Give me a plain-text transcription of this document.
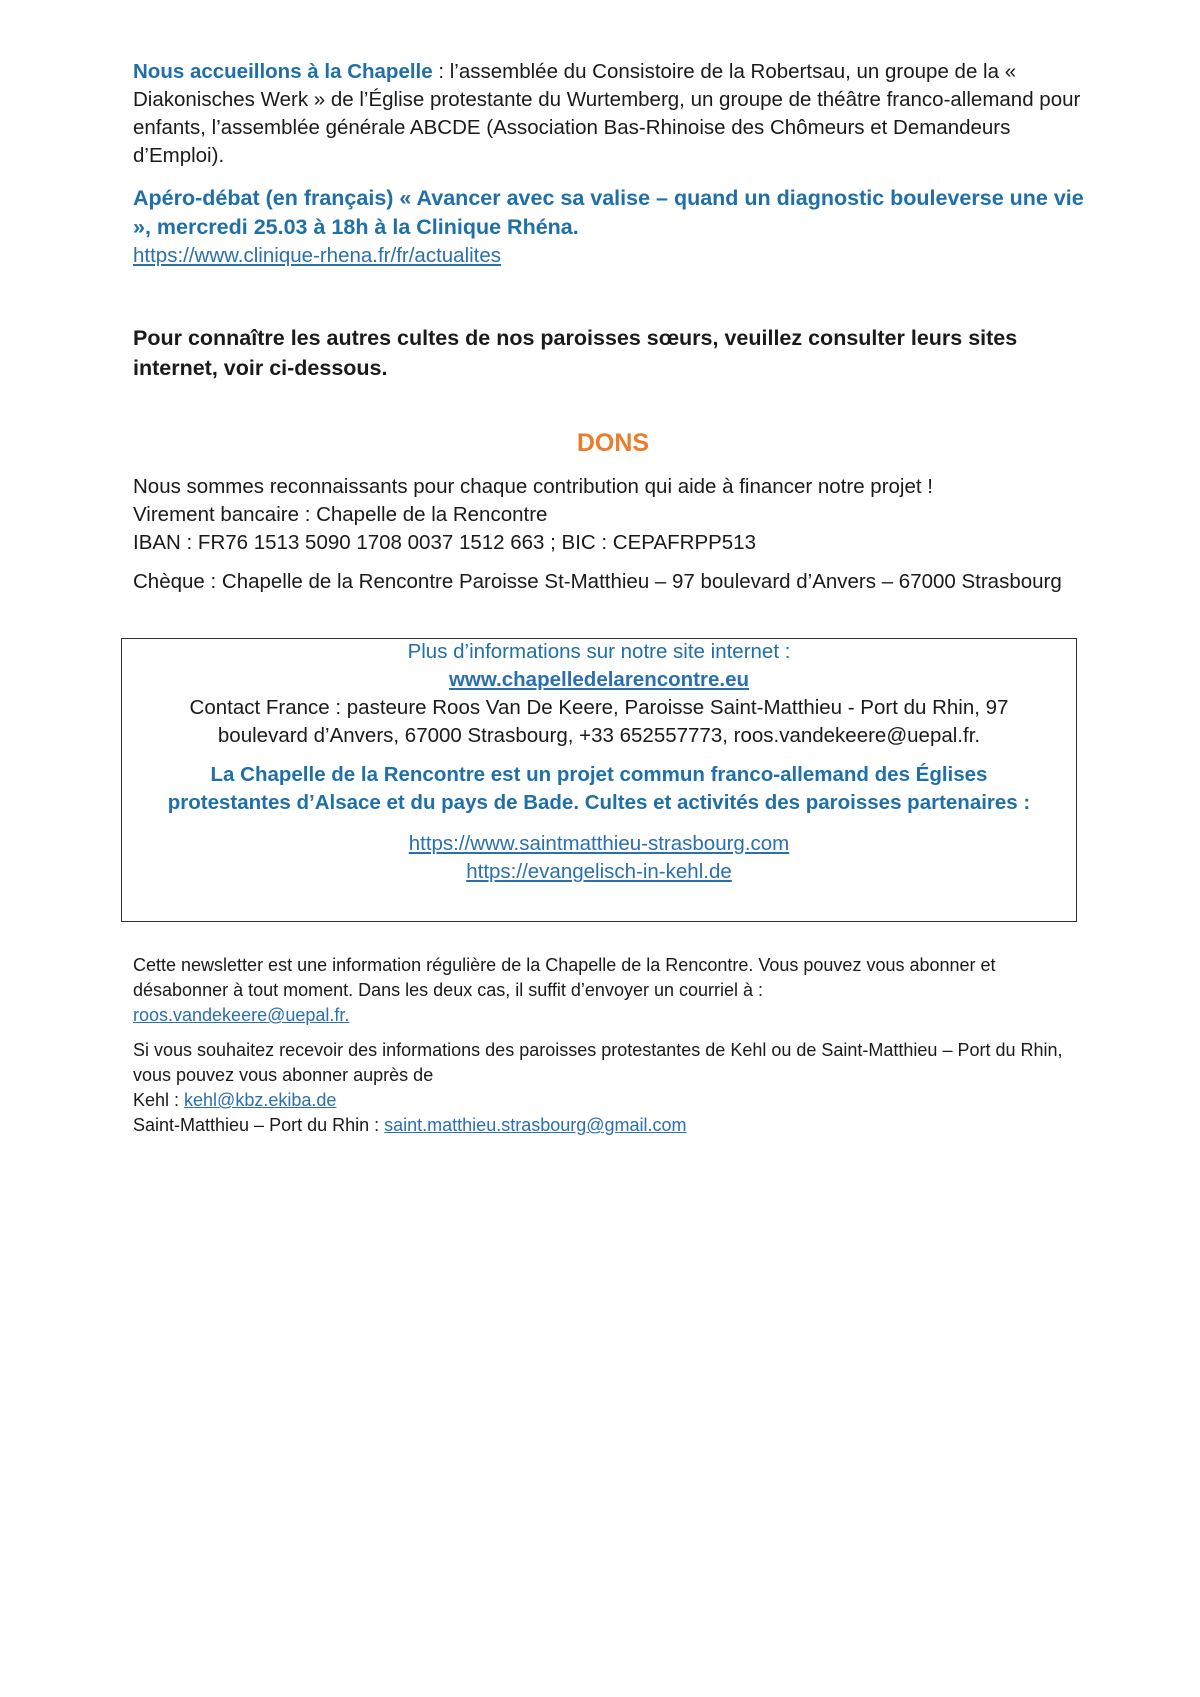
Nous accueillons à la Chapelle : l’assemblée du Consistoire de la Robertsau, un groupe de la « Diakonisches Werk » de l’Église protestante du Wurtemberg, un groupe de théâtre franco-allemand pour enfants, l’assemblée générale ABCDE (Association Bas-Rhinoise des Chômeurs et Demandeurs d’Emploi).

Apéro-débat (en français) « Avancer avec sa valise – quand un diagnostic bouleverse une vie », mercredi 25.03 à 18h à la Clinique Rhéna.

https://www.clinique-rhena.fr/fr/actualites

Pour connaître les autres cultes de nos paroisses sœurs, veuillez consulter leurs sites internet, voir ci-dessous.

DONS

Nous sommes reconnaissants pour chaque contribution qui aide à financer notre projet !

Virement bancaire : Chapelle de la Rencontre

IBAN : FR76 1513 5090 1708 0037 1512 663 ; BIC : CEPAFRPP513

Chèque : Chapelle de la Rencontre Paroisse St-Matthieu – 97 boulevard d’Anvers – 67000 Strasbourg

Plus d’informations sur notre site internet :

www.chapelledelarencontre.eu

Contact France : pasteure Roos Van De Keere, Paroisse Saint-Matthieu - Port du Rhin, 97 boulevard d’Anvers, 67000 Strasbourg, +33 652557773, roos.vandekeere@uepal.fr.

La Chapelle de la Rencontre est un projet commun franco-allemand des Églises protestantes d’Alsace et du pays de Bade. Cultes et activités des paroisses partenaires :

https://www.saintmatthieu-strasbourg.com

https://evangelisch-in-kehl.de

Cette newsletter est une information régulière de la Chapelle de la Rencontre. Vous pouvez vous abonner et désabonner à tout moment. Dans les deux cas, il suffit d’envoyer un courriel à :

roos.vandekeere@uepal.fr.

Si vous souhaitez recevoir des informations des paroisses protestantes de Kehl ou de Saint-Matthieu – Port du Rhin, vous pouvez vous abonner auprès de

Kehl : kehl@kbz.ekiba.de

Saint-Matthieu – Port du Rhin : saint.matthieu.strasbourg@gmail.com
